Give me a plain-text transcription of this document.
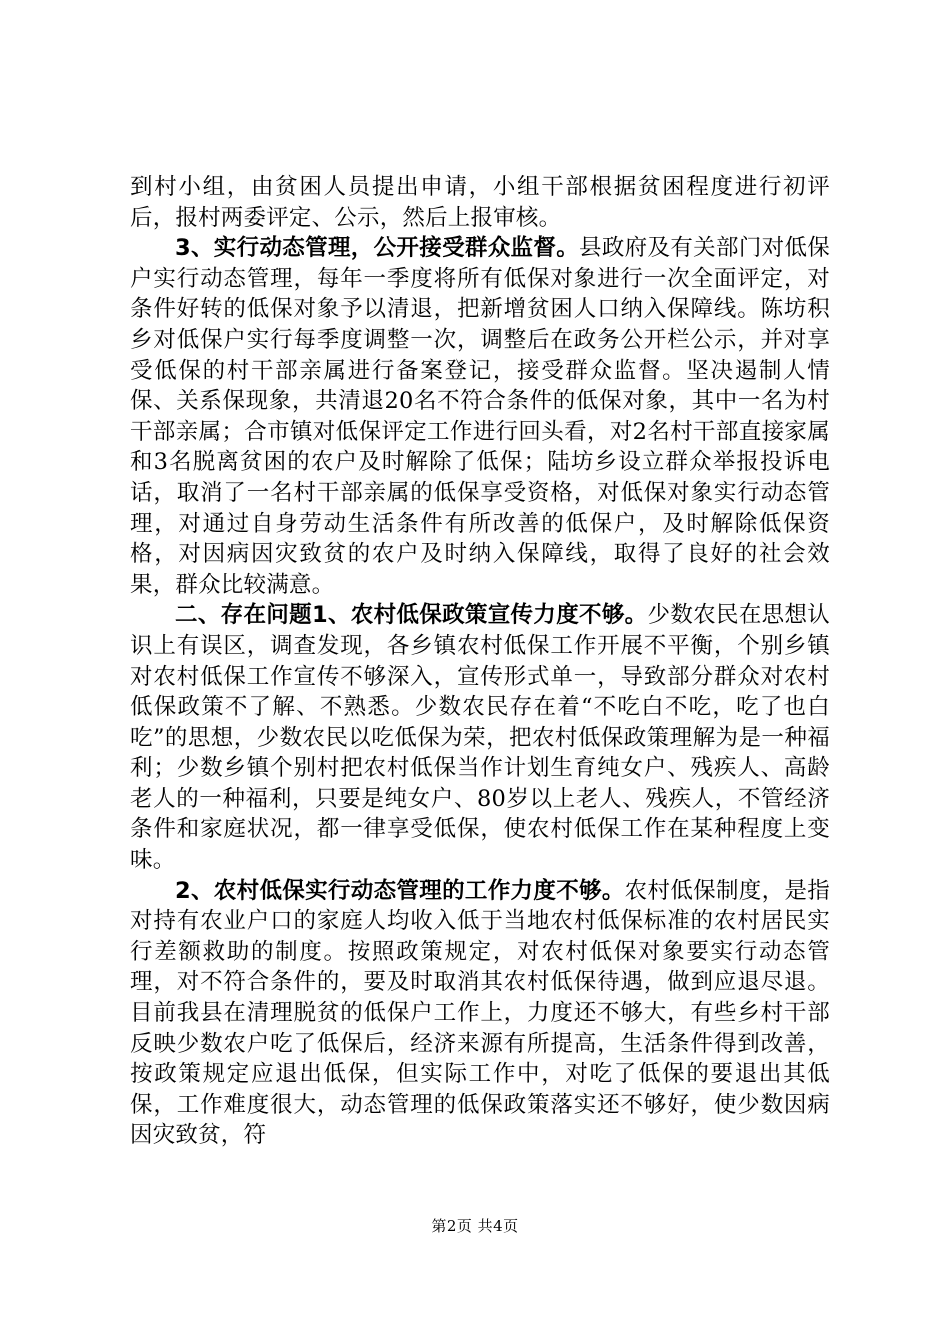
到村小组，由贫困人员提出申请，小组干部根据贫困程度进行初评后，报村两委评定、公示，然后上报审核。

3、实行动态管理，公开接受群众监督。县政府及有关部门对低保户实行动态管理，每年一季度将所有低保对象进行一次全面评定，对条件好转的低保对象予以清退，把新增贫困人口纳入保障线。陈坊积乡对低保户实行每季度调整一次，调整后在政务公开栏公示，并对享受低保的村干部亲属进行备案登记，接受群众监督。坚决遏制人情保、关系保现象，共清退20名不符合条件的低保对象，其中一名为村干部亲属；合市镇对低保评定工作进行回头看，对2名村干部直接家属和3名脱离贫困的农户及时解除了低保；陆坊乡设立群众举报投诉电话，取消了一名村干部亲属的低保享受资格，对低保对象实行动态管理，对通过自身劳动生活条件有所改善的低保户，及时解除低保资格，对因病因灾致贫的农户及时纳入保障线，取得了良好的社会效果，群众比较满意。

二、存在问题1、农村低保政策宣传力度不够。少数农民在思想认识上有误区，调查发现，各乡镇农村低保工作开展不平衡，个别乡镇对农村低保工作宣传不够深入，宣传形式单一，导致部分群众对农村低保政策不了解、不熟悉。少数农民存在着“不吃白不吃，吃了也白吃”的思想，少数农民以吃低保为荣，把农村低保政策理解为是一种福利；少数乡镇个别村把农村低保当作计划生育纯女户、残疾人、高龄老人的一种福利，只要是纯女户、80岁以上老人、残疾人，不管经济条件和家庭状况，都一律享受低保，使农村低保工作在某种程度上变味。

2、农村低保实行动态管理的工作力度不够。农村低保制度，是指对持有农业户口的家庭人均收入低于当地农村低保标准的农村居民实行差额救助的制度。按照政策规定，对农村低保对象要实行动态管理，对不符合条件的，要及时取消其农村低保待遇，做到应退尽退。目前我县在清理脱贫的低保户工作上，力度还不够大，有些乡村干部反映少数农户吃了低保后，经济来源有所提高，生活条件得到改善，按政策规定应退出低保，但实际工作中，对吃了低保的要退出其低保，工作难度很大，动态管理的低保政策落实还不够好，使少数因病因灾致贫，符

第2页 共4页
